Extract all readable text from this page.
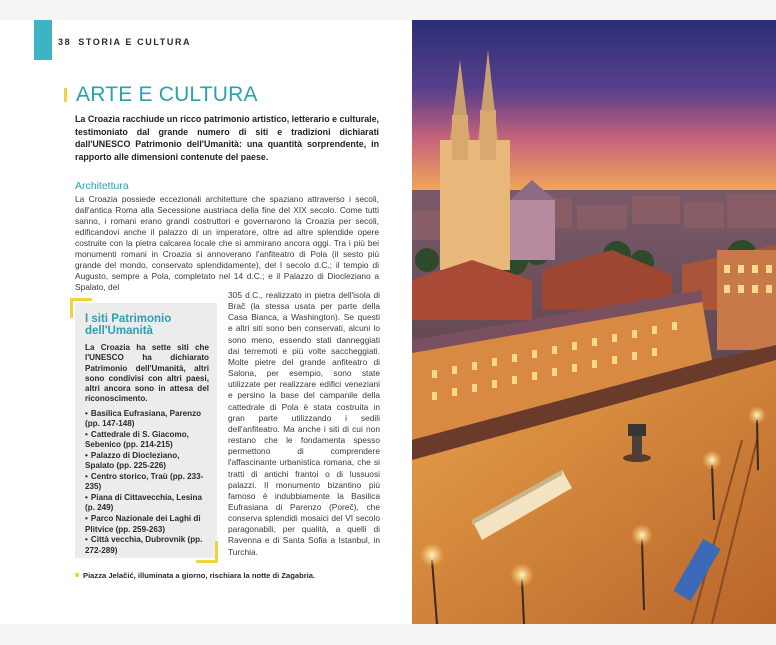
38 STORIA E CULTURA
ARTE E CULTURA

La Croazia racchiude un ricco patrimonio artistico, letterario e culturale, testimoniato dal grande numero di siti e tradizioni dichiarati dall'UNESCO Patrimonio dell'Umanità: una quantità sorprendente, in rapporto alle dimensioni contenute del paese.

Architettura

La Croazia possiede eccezionali architetture che spaziano attraverso i secoli, dall'antica Roma alla Secessione austriaca della fine del XIX secolo. Come tutti sanno, i romani erano grandi costruttori e governarono la Croazia per secoli, edificandovi anche il palazzo di un imperatore, oltre ad altre splendide opere costruite con la pietra calcarea locale che si ammirano ancora oggi. Tra i più bei monumenti romani in Croazia si annoverano l'anfiteatro di Pola (il sesto più grande del mondo, conservato splendidamente), del I secolo d.C.; il tempio di Augusto, sempre a Pola, completato nel 14 d.C.; e il Palazzo di Diocleziano a Spalato, del

I siti Patrimonio dell'Umanità

La Croazia ha sette siti che l'UNESCO ha dichiarato Patrimonio dell'Umanità, altri sono condivisi con altri paesi, altri ancora sono in attesa del riconoscimento.

• Basilica Eufrasiana, Parenzo (pp. 147-148)
• Cattedrale di S. Giacomo, Sebenico (pp. 214-215)
• Palazzo di Diocleziano, Spalato (pp. 225-226)
• Centro storico, Traù (pp. 233-235)
• Piana di Cittavecchia, Lesina (p. 249)
• Parco Nazionale dei Laghi di Plitvice (pp. 259-263)
• Città vecchia, Dubrovnik (pp. 272-289)

305 d.C., realizzato in pietra dell'isola di Brač (la stessa usata per parte della Casa Bianca, a Washington). Se questi e altri siti sono ben conservati, alcuni lo sono meno, essendo stati danneggiati dai terremoti e più volte saccheggiati. Molte pietre del grande anfiteatro di Salona, per esempio, sono state utilizzate per realizzare edifici veneziani e persino la base del campanile della cattedrale di Pola è stata costruita in gran parte utilizzando i sedili dell'anfiteatro. Ma anche i siti di cui non restano che le fondamenta spesso permettono di comprendere l'affascinante urbanistica romana, che si tratti di antichi frantoi o di lussuosi palazzi. Il monumento bizantino più famoso è indubbiamente la Basilica Eufrasiana di Parenzo (Poreč), che conserva splendidi mosaici del VI secolo paragonabili, per qualità, a quelli di Ravenna e di Santa Sofia a Istanbul, in Turchia.

Piazza Jelačić, illuminata a giorno, rischiara la notte di Zagabria.
